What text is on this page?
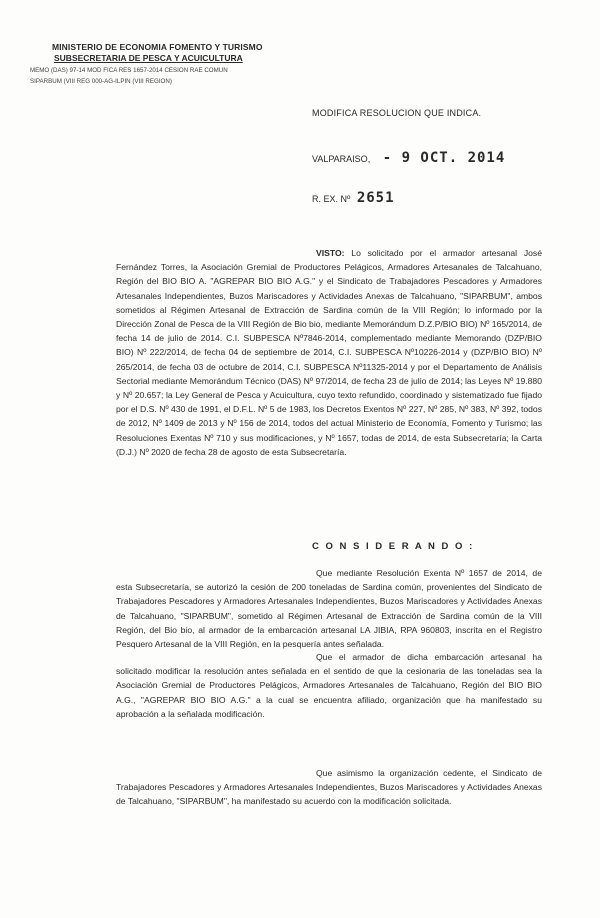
MINISTERIO DE ECONOMIA FOMENTO Y TURISMO

SUBSECRETARIA DE PESCA Y ACUICULTURA

MEMO (DAS) 97-14 MOD FICA RES 1657-2014 CESION RAE COMUN

SIPARBUM (VIII REG 000-AG-ILPIN (VIII REGION)

MODIFICA RESOLUCION QUE INDICA.
VALPARAISO, - 9 OCT. 2014
R. EX. Nº 2651

VISTO: Lo solicitado por el armador artesanal José Fernández Torres, la Asociación Gremial de Productores Pelágicos, Armadores Artesanales de Talcahuano, Región del BIO BIO A. "AGREPAR BIO BIO A.G." y el Sindicato de Trabajadores Pescadores y Armadores Artesanales Independientes, Buzos Mariscadores y Actividades Anexas de Talcahuano, "SIPARBUM", ambos sometidos al Régimen Artesanal de Extracción de Sardina común de la VIII Región; lo informado por la Dirección Zonal de Pesca de la VIII Región de Bio bio, mediante Memorándum D.Z.P/BIO BIO) Nº 165/2014, de fecha 14 de julio de 2014. C.I. SUBPESCA Nº7846-2014, complementado mediante Memorando (DZP/BIO BIO) Nº 222/2014, de fecha 04 de septiembre de 2014, C.I. SUBPESCA Nº10226-2014 y (DZP/BIO BIO) Nº 265/2014, de fecha 03 de octubre de 2014, C.I. SUBPESCA Nº11325-2014 y por el Departamento de Análisis Sectorial mediante Memorándum Técnico (DAS) Nº 97/2014, de fecha 23 de julio de 2014; las Leyes Nº 19.880 y Nº 20.657; la Ley General de Pesca y Acuicultura, cuyo texto refundido, coordinado y sistematizado fue fijado por el D.S. Nº 430 de 1991, el D.F.L. Nº 5 de 1983, los Decretos Exentos Nº 227, Nº 285, Nº 383, Nº 392, todos de 2012, Nº 1409 de 2013 y Nº 156 de 2014, todos del actual Ministerio de Economía, Fomento y Turismo; las Resoluciones Exentas Nº 710 y sus modificaciones, y Nº 1657, todas de 2014, de esta Subsecretaría; la Carta (D.J.) Nº 2020 de fecha 28 de agosto de esta Subsecretaría.

C O N S I D E R A N D O :

Que mediante Resolución Exenta Nº 1657 de 2014, de esta Subsecretaría, se autorizó la cesión de 200 toneladas de Sardina común, provenientes del Sindicato de Trabajadores Pescadores y Armadores Artesanales Independientes, Buzos Mariscadores y Actividades Anexas de Talcahuano, "SIPARBUM", sometido al Régimen Artesanal de Extracción de Sardina común de la VIII Región, del Bio bio, al armador de la embarcación artesanal LA JIBIA, RPA 960803, inscrita en el Registro Pesquero Artesanal de la VIII Región, en la pesquería antes señalada.

Que el armador de dicha embarcación artesanal ha solicitado modificar la resolución antes señalada en el sentido de que la cesionaria de las toneladas sea la Asociación Gremial de Productores Pelágicos, Armadores Artesanales de Talcahuano, Región del BIO BIO A.G., "AGREPAR BIO BIO A.G." a la cual se encuentra afiliado, organización que ha manifestado su aprobación a la señalada modificación.

Que asimismo la organización cedente, el Sindicato de Trabajadores Pescadores y Armadores Artesanales Independientes, Buzos Mariscadores y Actividades Anexas de Talcahuano, "SIPARBUM", ha manifestado su acuerdo con la modificación solicitada.
